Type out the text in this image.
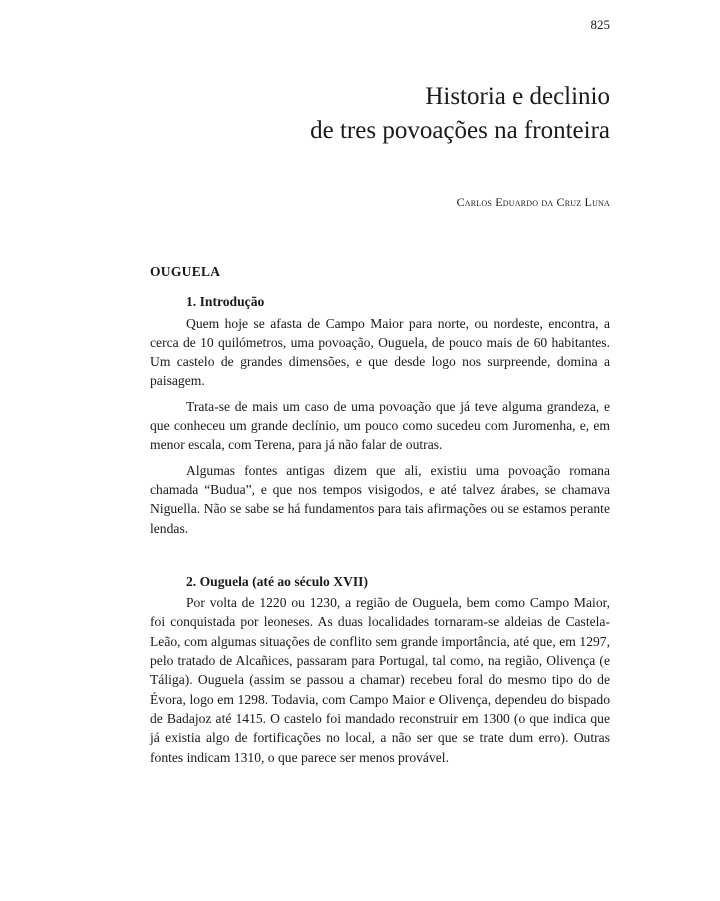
825
Historia e declinio
de tres povoações na fronteira
Carlos Eduardo da Cruz Luna
OUGUELA
1. Introdução

Quem hoje se afasta de Campo Maior para norte, ou nordeste, encontra, a cerca de 10 quilómetros, uma povoação, Ouguela, de pouco mais de 60 habitantes. Um castelo de grandes dimensões, e que desde logo nos surpreende, domina a paisagem.

Trata-se de mais um caso de uma povoação que já teve alguma grandeza, e que conheceu um grande declínio, um pouco como sucedeu com Juromenha, e, em menor escala, com Terena, para já não falar de outras.

Algumas fontes antigas dizem que ali, existiu uma povoação romana chamada “Budua”, e que nos tempos visigodos, e até talvez árabes, se chamava Niguella. Não se sabe se há fundamentos para tais afirmações ou se estamos perante lendas.

2. Ouguela (até ao século XVII)

Por volta de 1220 ou 1230, a região de Ouguela, bem como Campo Maior, foi conquistada por leoneses. As duas localidades tornaram-se aldeias de Castela-Leão, com algumas situações de conflito sem grande importância, até que, em 1297, pelo tratado de Alcañices, passaram para Portugal, tal como, na região, Olivença (e Táliga). Ouguela (assim se passou a chamar) recebeu foral do mesmo tipo do de Évora, logo em 1298. Todavia, com Campo Maior e Olivença, dependeu do bispado de Badajoz até 1415. O castelo foi mandado reconstruir em 1300 (o que indica que já existia algo de fortificações no local, a não ser que se trate dum erro). Outras fontes indicam 1310, o que parece ser menos provável.
